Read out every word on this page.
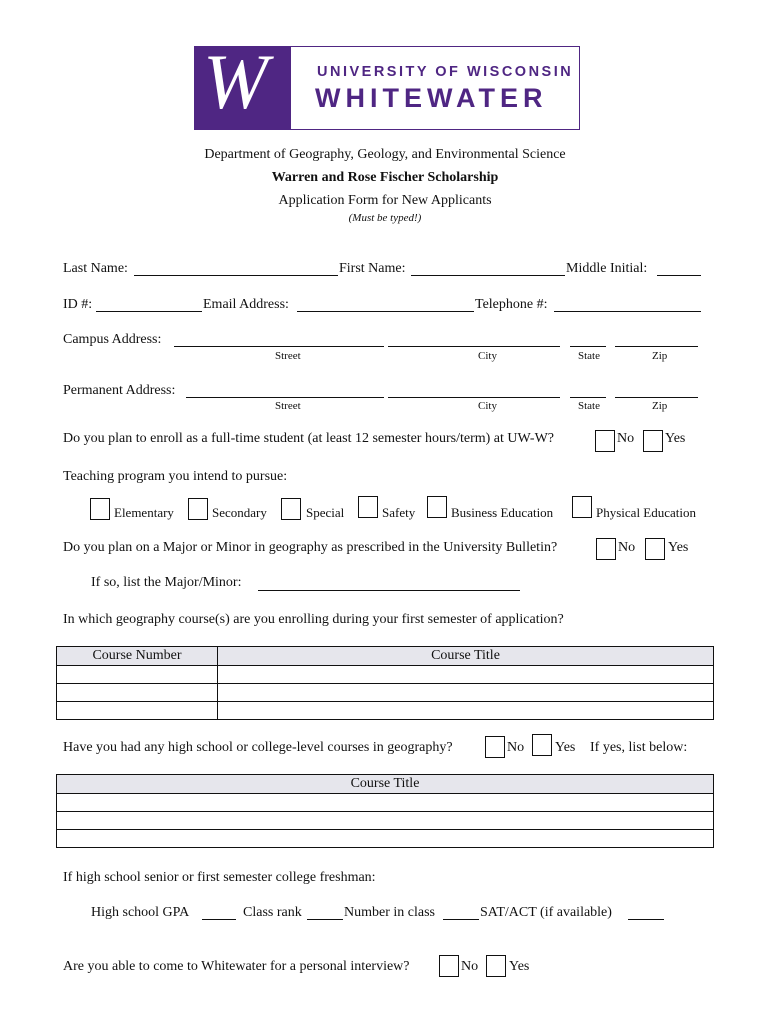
W	UNIVERSITY OF WISCONSIN
WHITEWATER
Department of Geography, Geology, and Environmental Science
Warren and Rose Fischer Scholarship
Application Form for New Applicants
(Must be typed!)
Last Name:	First Name:	Middle Initial:
ID #:	Email Address:	Telephone #:
Campus Address:
Street	City	State	Zip
Permanent Address:
Street	City	State	Zip
Do you plan to enroll as a full-time student (at least 12 semester hours/term) at UW-W?	No Yes
Teaching program you intend to pursue:
Elementary	Secondary	Special	Safety	Business Education	Physical Education
Do you plan on a Major or Minor in geography as prescribed in the University Bulletin?	No Yes
If so, list the Major/Minor:
In which geography course(s) are you enrolling during your first semester of application?
Course Number	Course Title

Have you had any high school or college-level courses in geography?	No Yes If yes, list below:
Course Title

If high school senior or first semester college freshman:
High school GPA	Class rank	Number in class	SAT/ACT (if available)
Are you able to come to Whitewater for a personal interview?	No Yes
